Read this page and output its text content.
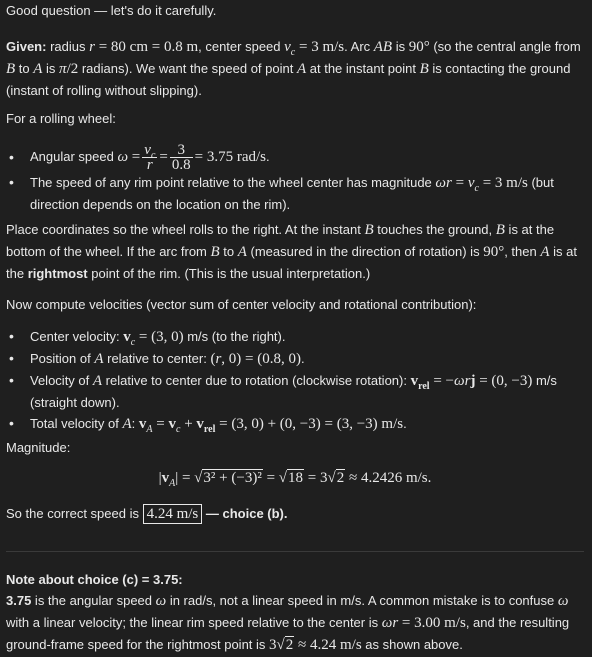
Good question — let's do it carefully.

Given: radius r = 80 cm = 0.8 m, center speed $v_c = 3$ m/s. Arc AB is 90° (so the central angle from B to A is π/2 radians). We want the speed of point A at the instant point B is contacting the ground (instant of rolling without slipping).

For a rolling wheel:

• Angular speed $\omega = \frac{v_c}{r} = \frac{3}{0.8} = 3.75$ rad/s.
• The speed of any rim point relative to the wheel center has magnitude $\omega r = v_c = 3$ m/s (but direction depends on the location on the rim).

Place coordinates so the wheel rolls to the right. At the instant B touches the ground, B is at the bottom of the wheel. If the arc from B to A (measured in the direction of rotation) is 90°, then A is at the rightmost point of the rim. (This is the usual interpretation.)

Now compute velocities (vector sum of center velocity and rotational contribution):

• Center velocity: $v_c = (3$, 0) m/s (to the right).
• Position of A relative to center: (r, 0) = (0.8, 0).
• Velocity of A relative to center due to rotation (clockwise rotation): $v_{rel} = -\omega rj = (0$, −3) m/s (straight down).
• Total velocity of A: $v_A = v_c + v_{rel} = (3$, 0) + (0, −3) = (3, −3) m/s.

Magnitude:

$|v_A| = √3^2 + (-3)^2 = √18 = 3√2 \approx 4.2426$ m/s.

So the correct speed is 4.24 m/s — choice (b).

Note about choice (c) = 3.75:

3.75 is the angular speed ω in rad/s, not a linear speed in m/s. A common mistake is to confuse ω with a linear velocity; the linear rim speed relative to the center is ωr = 3.00 m/s, and the resulting ground-frame speed for the rightmost point is 3√2 ≈ 4.24 m/s as shown above.
